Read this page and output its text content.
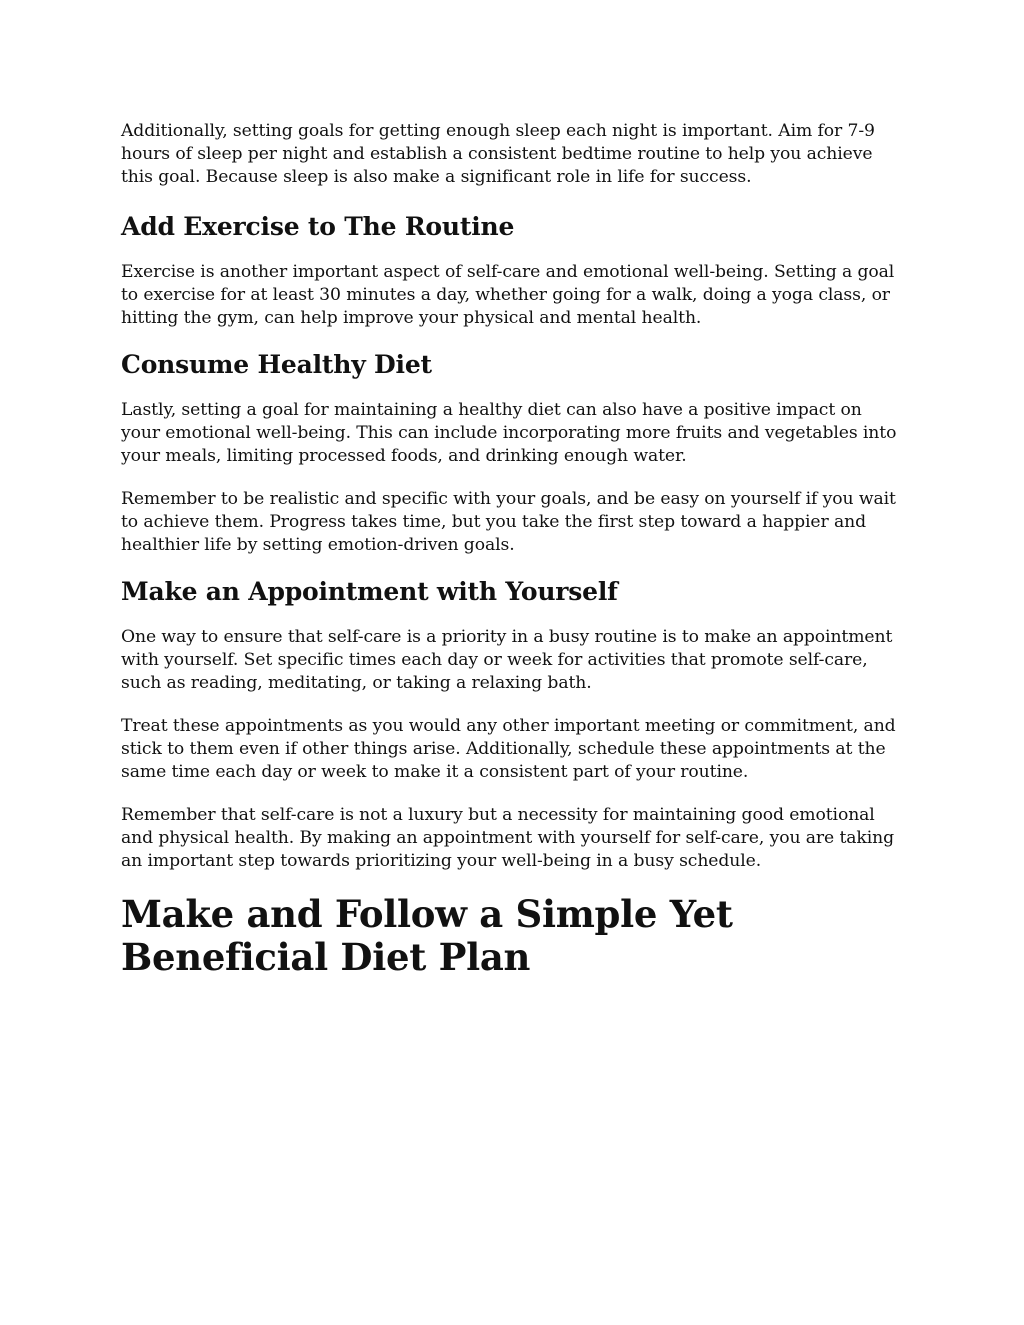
Additionally, setting goals for getting enough sleep each night is important. Aim for 7-9 hours of sleep per night and establish a consistent bedtime routine to help you achieve this goal. Because sleep is also make a significant role in life for success.

Add Exercise to The Routine

Exercise is another important aspect of self-care and emotional well-being. Setting a goal to exercise for at least 30 minutes a day, whether going for a walk, doing a yoga class, or hitting the gym, can help improve your physical and mental health.

Consume Healthy Diet

Lastly, setting a goal for maintaining a healthy diet can also have a positive impact on your emotional well-being. This can include incorporating more fruits and vegetables into your meals, limiting processed foods, and drinking enough water.

Remember to be realistic and specific with your goals, and be easy on yourself if you wait to achieve them. Progress takes time, but you take the first step toward a happier and healthier life by setting emotion-driven goals.

Make an Appointment with Yourself

One way to ensure that self-care is a priority in a busy routine is to make an appointment with yourself. Set specific times each day or week for activities that promote self-care, such as reading, meditating, or taking a relaxing bath.

Treat these appointments as you would any other important meeting or commitment, and stick to them even if other things arise. Additionally, schedule these appointments at the same time each day or week to make it a consistent part of your routine.

Remember that self-care is not a luxury but a necessity for maintaining good emotional and physical health. By making an appointment with yourself for self-care, you are taking an important step towards prioritizing your well-being in a busy schedule.

Make and Follow a Simple Yet Beneficial Diet Plan
